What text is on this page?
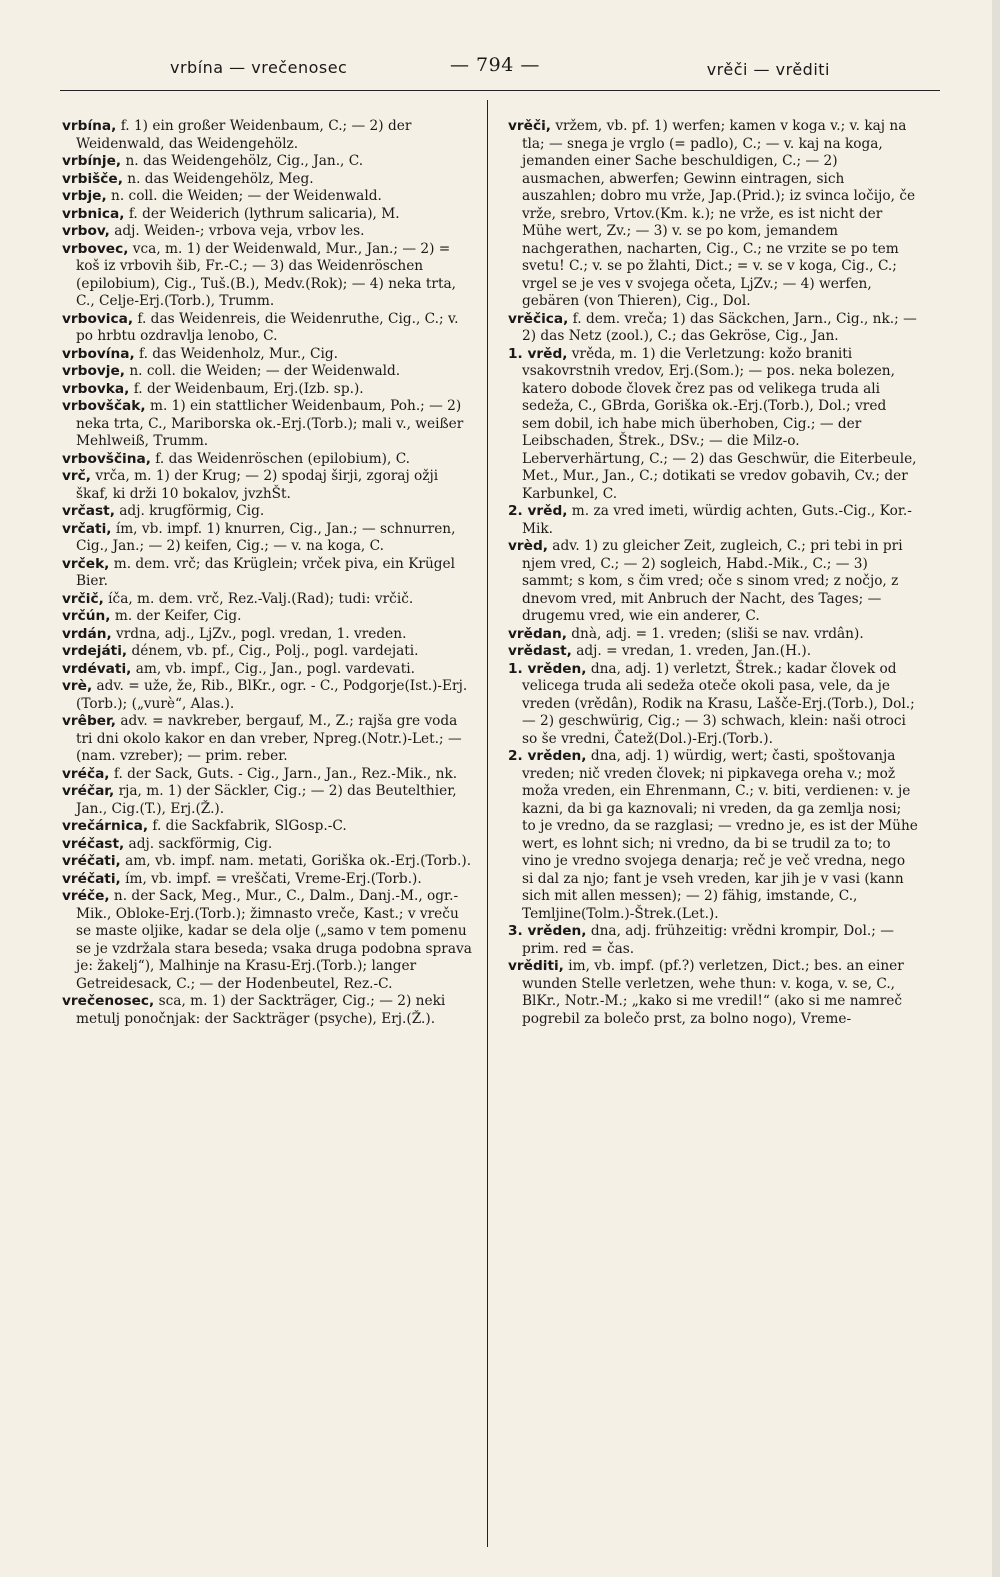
vrbína — vrečenosec	— 794 —	vrěči — vrěditi
vrbína, f. 1) ein großer Weidenbaum, C.; — 2) der Weidenwald, das Weidengehölz.
vrbínje, n. das Weidengehölz, Cig., Jan., C.
vrbišče, n. das Weidengehölz, Meg.
vrbje, n. coll. die Weiden; — der Weidenwald.
vrbnica, f. der Weiderich (lythrum salicaria), M.
vrbov, adj. Weiden-; vrbova veja, vrbov les.
vrbovec, vca, m. 1) der Weidenwald, Mur., Jan.; — 2) = koš iz vrbovih šib, Fr.-C.; — 3) das Weidenröschen (epilobium), Cig., Tuš.(B.), Medv.(Rok); — 4) neka trta, C., Celje-Erj.(Torb.), Trumm.
vrbovica, f. das Weidenreis, die Weidenruthe, Cig., C.; v. po hrbtu ozdravlja lenobo, C.
vrbovína, f. das Weidenholz, Mur., Cig.
vrbovje, n. coll. die Weiden; — der Weidenwald.
vrbovka, f. der Weidenbaum, Erj.(Izb. sp.).
vrbovščak, m. 1) ein stattlicher Weidenbaum, Poh.; — 2) neka trta, C., Mariborska ok.-Erj.(Torb.); mali v., weißer Mehlweiß, Trumm.
vrbovščina, f. das Weidenröschen (epilobium), C.
vrč, vrča, m. 1) der Krug; — 2) spodaj širji, zgoraj ožji škaf, ki drži 10 bokalov, jvzhŠt.
vrčast, adj. krugförmig, Cig.
vrčati, ím, vb. impf. 1) knurren, Cig., Jan.; — schnurren, Cig., Jan.; — 2) keifen, Cig.; — v. na koga, C.
vrček, m. dem. vrč; das Krüglein; vrček piva, ein Krügel Bier.
vrčič, íča, m. dem. vrč, Rez.-Valj.(Rad); tudi: vrčič.
vrčún, m. der Keifer, Cig.
vrdán, vrdna, adj., LjZv., pogl. vredan, 1. vreden.
vrdejáti, dénem, vb. pf., Cig., Polj., pogl. vardejati.
vrdévati, am, vb. impf., Cig., Jan., pogl. vardevati.
vrè, adv. = uže, že, Rib., BlKr., ogr. - C., Podgorje(Ist.)-Erj.(Torb.); („vurè“, Alas.).
vrêber, adv. = navkreber, bergauf, M., Z.; rajša gre voda tri dni okolo kakor en dan vreber, Npreg.(Notr.)-Let.; — (nam. vzreber); — prim. reber.
vréča, f. der Sack, Guts. - Cig., Jarn., Jan., Rez.-Mik., nk.
vréčar, rja, m. 1) der Säckler, Cig.; — 2) das Beutelthier, Jan., Cig.(T.), Erj.(Ž.).
vrečárnica, f. die Sackfabrik, SlGosp.-C.
vréčast, adj. sackförmig, Cig.
vréčati, am, vb. impf. nam. metati, Goriška ok.-Erj.(Torb.).
vréčati, ím, vb. impf. = vreščati, Vreme-Erj.(Torb.).
vréče, n. der Sack, Meg., Mur., C., Dalm., Danj.-M., ogr.-Mik., Obloke-Erj.(Torb.); žimnasto vreče, Kast.; v vreču se maste oljike, kadar se dela olje („samo v tem pomenu se je vzdržala stara beseda; vsaka druga podobna sprava je: žakelj“), Malhinje na Krasu-Erj.(Torb.); langer Getreidesack, C.; — der Hodenbeutel, Rez.-C.
vrečenosec, sca, m. 1) der Sackträger, Cig.; — 2) neki metulj ponočnjak: der Sackträger (psyche), Erj.(Ž.).
vrěči, vržem, vb. pf. 1) werfen; kamen v koga v.; v. kaj na tla; — snega je vrglo (= padlo), C.; — v. kaj na koga, jemanden einer Sache beschuldigen, C.; — 2) ausmachen, abwerfen; Gewinn eintragen, sich auszahlen; dobro mu vrže, Jap.(Prid.); iz svinca ločijo, če vrže, srebro, Vrtov.(Km. k.); ne vrže, es ist nicht der Mühe wert, Zv.; — 3) v. se po kom, jemandem nachgerathen, nacharten, Cig., C.; ne vrzite se po tem svetu! C.; v. se po žlahti, Dict.; = v. se v koga, Cig., C.; vrgel se je ves v svojega očeta, LjZv.; — 4) werfen, gebären (von Thieren), Cig., Dol.
vrěčica, f. dem. vreča; 1) das Säckchen, Jarn., Cig., nk.; — 2) das Netz (zool.), C.; das Gekröse, Cig., Jan.
1. vrěd, vrěda, m. 1) die Verletzung: kožo braniti vsakovrstnih vredov, Erj.(Som.); — pos. neka bolezen, katero dobode človek črez pas od velikega truda ali sedeža, C., GBrda, Goriška ok.-Erj.(Torb.), Dol.; vred sem dobil, ich habe mich überhoben, Cig.; — der Leibschaden, Štrek., DSv.; — die Milz-o. Leberverhärtung, C.; — 2) das Geschwür, die Eiterbeule, Met., Mur., Jan., C.; dotikati se vredov gobavih, Cv.; der Karbunkel, C.
2. vrěd, m. za vred imeti, würdig achten, Guts.-Cig., Kor.-Mik.
vrèd, adv. 1) zu gleicher Zeit, zugleich, C.; pri tebi in pri njem vred, C.; — 2) sogleich, Habd.-Mik., C.; — 3) sammt; s kom, s čim vred; oče s sinom vred; z nočjo, z dnevom vred, mit Anbruch der Nacht, des Tages; — drugemu vred, wie ein anderer, C.
vrědan, dnà, adj. = 1. vreden; (sliši se nav. vrdân).
vrědast, adj. = vredan, 1. vreden, Jan.(H.).
1. vrěden, dna, adj. 1) verletzt, Štrek.; kadar človek od velicega truda ali sedeža oteče okoli pasa, vele, da je vreden (vrědân), Rodik na Krasu, Lašče-Erj.(Torb.), Dol.; — 2) geschwürig, Cig.; — 3) schwach, klein: naši otroci so še vredni, Čatež(Dol.)-Erj.(Torb.).
2. vrěden, dna, adj. 1) würdig, wert; časti, spoštovanja vreden; nič vreden človek; ni pipkavega oreha v.; mož moža vreden, ein Ehrenmann, C.; v. biti, verdienen: v. je kazni, da bi ga kaznovali; ni vreden, da ga zemlja nosi; to je vredno, da se razglasi; — vredno je, es ist der Mühe wert, es lohnt sich; ni vredno, da bi se trudil za to; to vino je vredno svojega denarja; reč je več vredna, nego si dal za njo; fant je vseh vreden, kar jih je v vasi (kann sich mit allen messen); — 2) fähig, imstande, C., Temljine(Tolm.)-Štrek.(Let.).
3. vrěden, dna, adj. frühzeitig: vrědni krompir, Dol.; — prim. red = čas.
vrěditi, im, vb. impf. (pf.?) verletzen, Dict.; bes. an einer wunden Stelle verletzen, wehe thun: v. koga, v. se, C., BlKr., Notr.-M.; „kako si me vredil!“ (ako si me namreč pogrebil za bolečo prst, za bolno nogo), Vreme-
